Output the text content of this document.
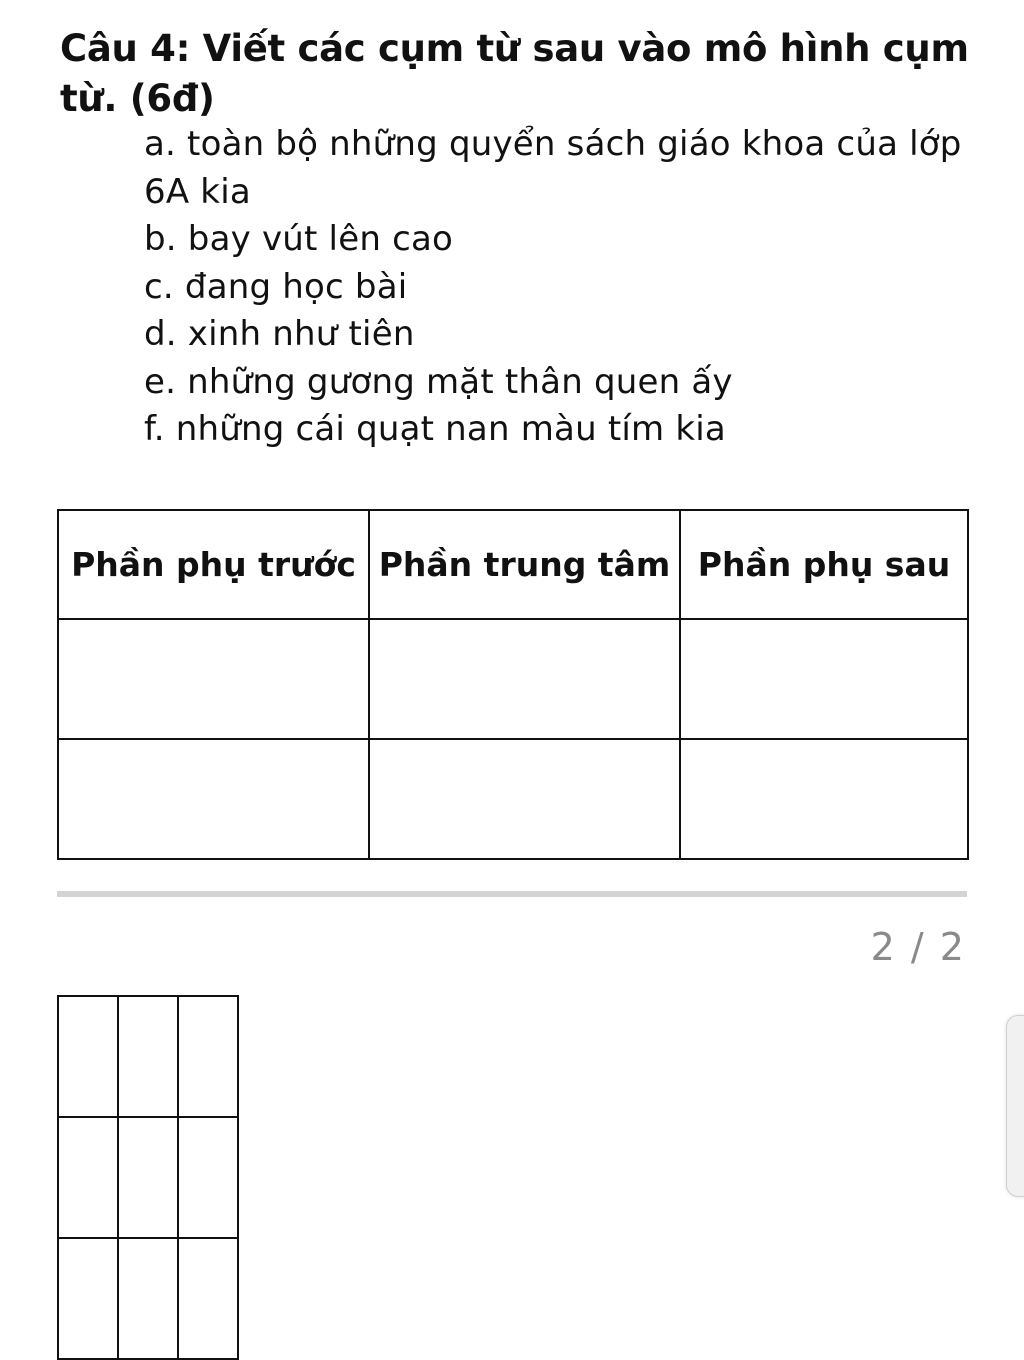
Câu 4: Viết các cụm từ sau vào mô hình cụm từ. (6đ)
a. toàn bộ những quyển sách giáo khoa của lớp 6A kia
b. bay vút lên cao
c. đang học bài
d. xinh như tiên
e. những gương mặt thân quen ấy
f. những cái quạt nan màu tím kia
Phần phụ trước	Phần trung tâm	Phần phụ sau

2 / 2
